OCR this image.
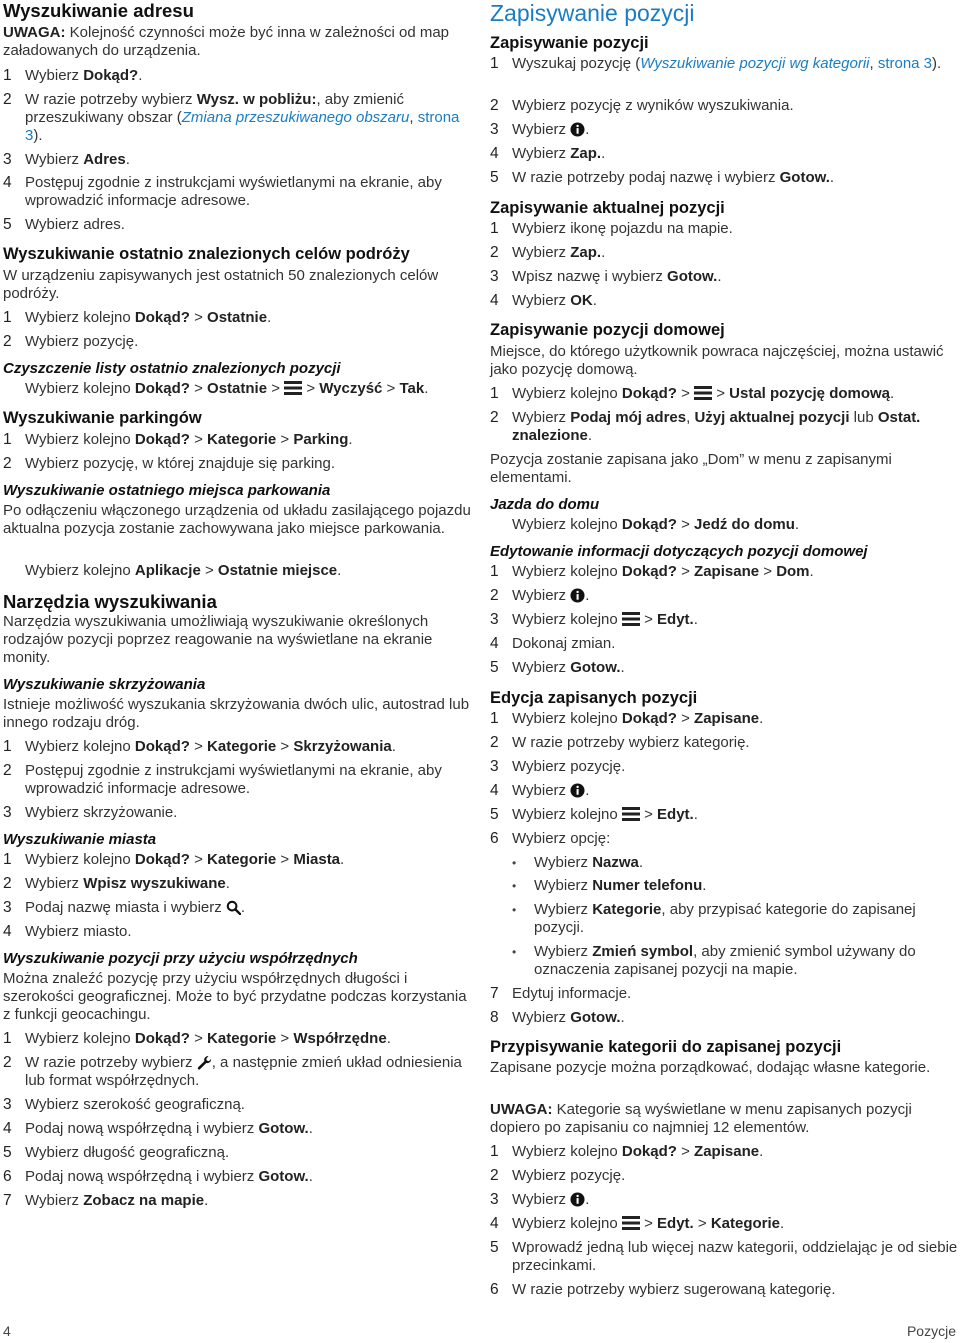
Wyszukiwanie adresu
UWAGA: Kolejność czynności może być inna w zależności od map załadowanych do urządzenia.
1 Wybierz Dokąd?.
2 W razie potrzeby wybierz Wysz. w pobliżu:, aby zmienić przeszukiwany obszar (Zmiana przeszukiwanego obszaru, strona 3).
3 Wybierz Adres.
4 Postępuj zgodnie z instrukcjami wyświetlanymi na ekranie, aby wprowadzić informacje adresowe.
5 Wybierz adres.
Wyszukiwanie ostatnio znalezionych celów podróży
W urządzeniu zapisywanych jest ostatnich 50 znalezionych celów podróży.
1 Wybierz kolejno Dokąd? > Ostatnie.
2 Wybierz pozycję.
Czyszczenie listy ostatnio znalezionych pozycji
Wybierz kolejno Dokąd? > Ostatnie >  > Wyczyść > Tak.
Wyszukiwanie parkingów
1 Wybierz kolejno Dokąd? > Kategorie > Parking.
2 Wybierz pozycję, w której znajduje się parking.
Wyszukiwanie ostatniego miejsca parkowania
Po odłączeniu włączonego urządzenia od układu zasilającego pojazdu aktualna pozycja zostanie zachowywana jako miejsce parkowania.
Wybierz kolejno Aplikacje > Ostatnie miejsce.
Narzędzia wyszukiwania
Narzędzia wyszukiwania umożliwiają wyszukiwanie określonych rodzajów pozycji poprzez reagowanie na wyświetlane na ekranie monity.
Wyszukiwanie skrzyżowania
Istnieje możliwość wyszukania skrzyżowania dwóch ulic, autostrad lub innego rodzaju dróg.
1 Wybierz kolejno Dokąd? > Kategorie > Skrzyżowania.
2 Postępuj zgodnie z instrukcjami wyświetlanymi na ekranie, aby wprowadzić informacje adresowe.
3 Wybierz skrzyżowanie.
Wyszukiwanie miasta
1 Wybierz kolejno Dokąd? > Kategorie > Miasta.
2 Wybierz Wpisz wyszukiwane.
3 Podaj nazwę miasta i wybierz .
4 Wybierz miasto.
Wyszukiwanie pozycji przy użyciu współrzędnych
Można znaleźć pozycję przy użyciu współrzędnych długości i szerokości geograficznej. Może to być przydatne podczas korzystania z funkcji geocachingu.
1 Wybierz kolejno Dokąd? > Kategorie > Współrzędne.
2 W razie potrzeby wybierz , a następnie zmień układ odniesienia lub format współrzędnych.
3 Wybierz szerokość geograficzną.
4 Podaj nową współrzędną i wybierz Gotow..
5 Wybierz długość geograficzną.
6 Podaj nową współrzędną i wybierz Gotow..
7 Wybierz Zobacz na mapie.
Zapisywanie pozycji
Zapisywanie pozycji
1 Wyszukaj pozycję (Wyszukiwanie pozycji wg kategorii, strona 3).
2 Wybierz pozycję z wyników wyszukiwania.
3 Wybierz .
4 Wybierz Zap..
5 W razie potrzeby podaj nazwę i wybierz Gotow..
Zapisywanie aktualnej pozycji
1 Wybierz ikonę pojazdu na mapie.
2 Wybierz Zap..
3 Wpisz nazwę i wybierz Gotow..
4 Wybierz OK.
Zapisywanie pozycji domowej
Miejsce, do którego użytkownik powraca najczęściej, można ustawić jako pozycję domową.
1 Wybierz kolejno Dokąd? >  > Ustal pozycję domową.
2 Wybierz Podaj mój adres, Użyj aktualnej pozycji lub Ostat. znalezione.
Pozycja zostanie zapisana jako „Dom” w menu z zapisanymi elementami.
Jazda do domu
Wybierz kolejno Dokąd? > Jedź do domu.
Edytowanie informacji dotyczących pozycji domowej
1 Wybierz kolejno Dokąd? > Zapisane > Dom.
2 Wybierz .
3 Wybierz kolejno  > Edyt..
4 Dokonaj zmian.
5 Wybierz Gotow..
Edycja zapisanych pozycji
1 Wybierz kolejno Dokąd? > Zapisane.
2 W razie potrzeby wybierz kategorię.
3 Wybierz pozycję.
4 Wybierz .
5 Wybierz kolejno  > Edyt..
6 Wybierz opcję:
• Wybierz Nazwa.
• Wybierz Numer telefonu.
• Wybierz Kategorie, aby przypisać kategorie do zapisanej pozycji.
• Wybierz Zmień symbol, aby zmienić symbol używany do oznaczenia zapisanej pozycji na mapie.
7 Edytuj informacje.
8 Wybierz Gotow..
Przypisywanie kategorii do zapisanej pozycji
Zapisane pozycje można porządkować, dodając własne kategorie.
UWAGA: Kategorie są wyświetlane w menu zapisanych pozycji dopiero po zapisaniu co najmniej 12 elementów.
1 Wybierz kolejno Dokąd? > Zapisane.
2 Wybierz pozycję.
3 Wybierz .
4 Wybierz kolejno  > Edyt. > Kategorie.
5 Wprowadź jedną lub więcej nazw kategorii, oddzielając je od siebie przecinkami.
6 W razie potrzeby wybierz sugerowaną kategorię.
4	Pozycje
